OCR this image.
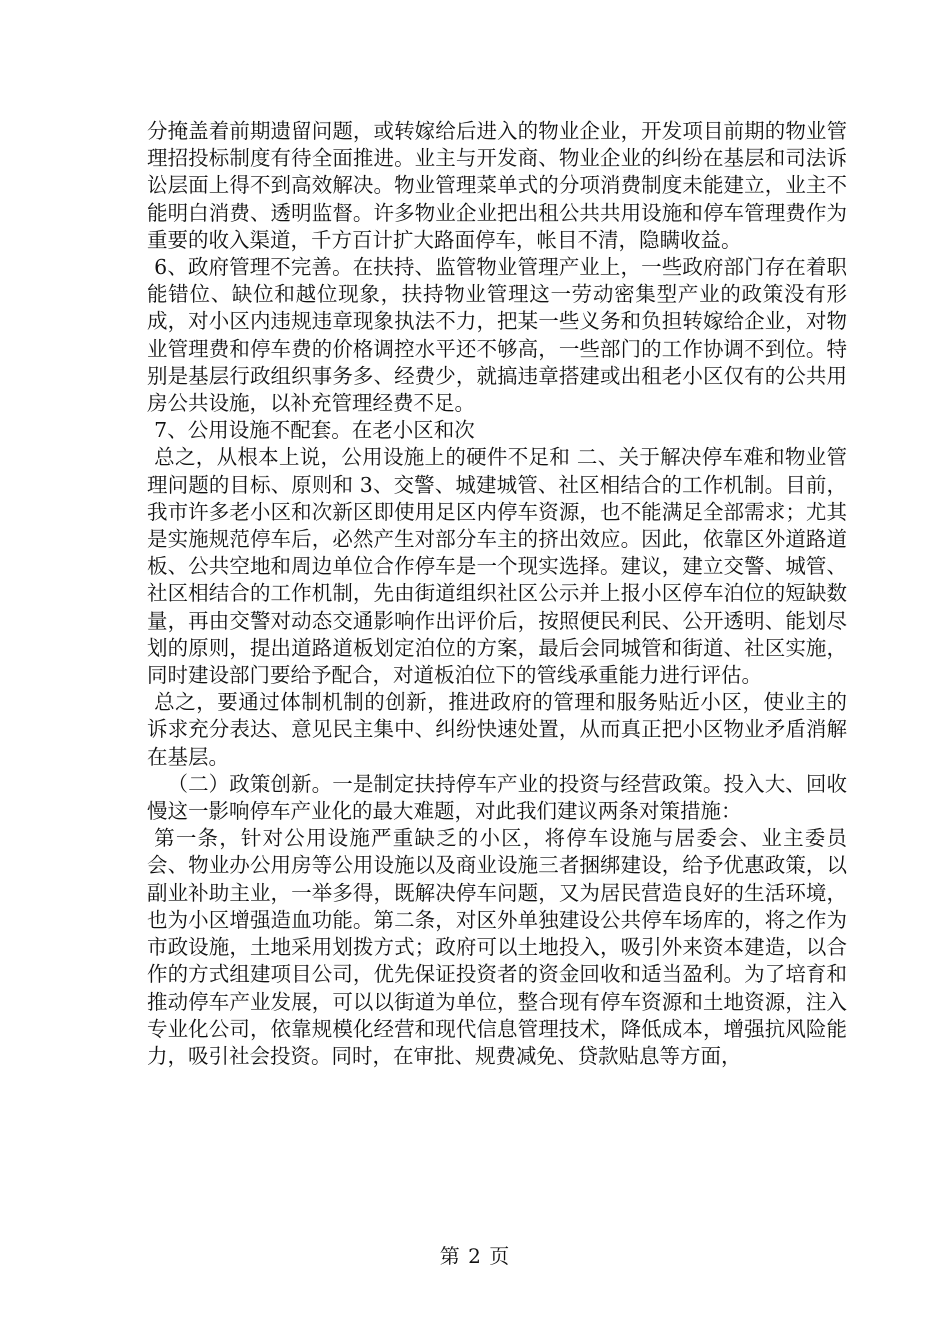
分掩盖着前期遗留问题，或转嫁给后进入的物业企业，开发项目前期的物业管理招投标制度有待全面推进。业主与开发商、物业企业的纠纷在基层和司法诉讼层面上得不到高效解决。物业管理菜单式的分项消费制度未能建立，业主不能明白消费、透明监督。许多物业企业把出租公共共用设施和停车管理费作为重要的收入渠道，千方百计扩大路面停车，帐目不清，隐瞒收益。

6、政府管理不完善。在扶持、监管物业管理产业上，一些政府部门存在着职能错位、缺位和越位现象，扶持物业管理这一劳动密集型产业的政策没有形成，对小区内违规违章现象执法不力，把某一些义务和负担转嫁给企业，对物业管理费和停车费的价格调控水平还不够高，一些部门的工作协调不到位。特别是基层行政组织事务多、经费少，就搞违章搭建或出租老小区仅有的公共用房公共设施，以补充管理经费不足。

7、公用设施不配套。在老小区和次

总之，从根本上说，公用设施上的硬件不足和 二、关于解决停车难和物业管理问题的目标、原则和 3、交警、城建城管、社区相结合的工作机制。目前，我市许多老小区和次新区即使用足区内停车资源，也不能满足全部需求；尤其是实施规范停车后，必然产生对部分车主的挤出效应。因此，依靠区外道路道板、公共空地和周边单位合作停车是一个现实选择。建议，建立交警、城管、社区相结合的工作机制，先由街道组织社区公示并上报小区停车泊位的短缺数量，再由交警对动态交通影响作出评价后，按照便民利民、公开透明、能划尽划的原则，提出道路道板划定泊位的方案，最后会同城管和街道、社区实施，同时建设部门要给予配合，对道板泊位下的管线承重能力进行评估。

总之，要通过体制机制的创新，推进政府的管理和服务贴近小区，使业主的诉求充分表达、意见民主集中、纠纷快速处置，从而真正把小区物业矛盾消解在基层。

（二）政策创新。一是制定扶持停车产业的投资与经营政策。投入大、回收慢这一影响停车产业化的最大难题，对此我们建议两条对策措施：

第一条，针对公用设施严重缺乏的小区，将停车设施与居委会、业主委员会、物业办公用房等公用设施以及商业设施三者捆绑建设，给予优惠政策，以副业补助主业，一举多得，既解决停车问题，又为居民营造良好的生活环境，也为小区增强造血功能。第二条，对区外单独建设公共停车场库的，将之作为市政设施，土地采用划拨方式；政府可以土地投入，吸引外来资本建造，以合作的方式组建项目公司，优先保证投资者的资金回收和适当盈利。为了培育和推动停车产业发展，可以以街道为单位，整合现有停车资源和土地资源，注入专业化公司，依靠规模化经营和现代信息管理技术，降低成本，增强抗风险能力，吸引社会投资。同时，在审批、规费减免、贷款贴息等方面，

第 2 页
